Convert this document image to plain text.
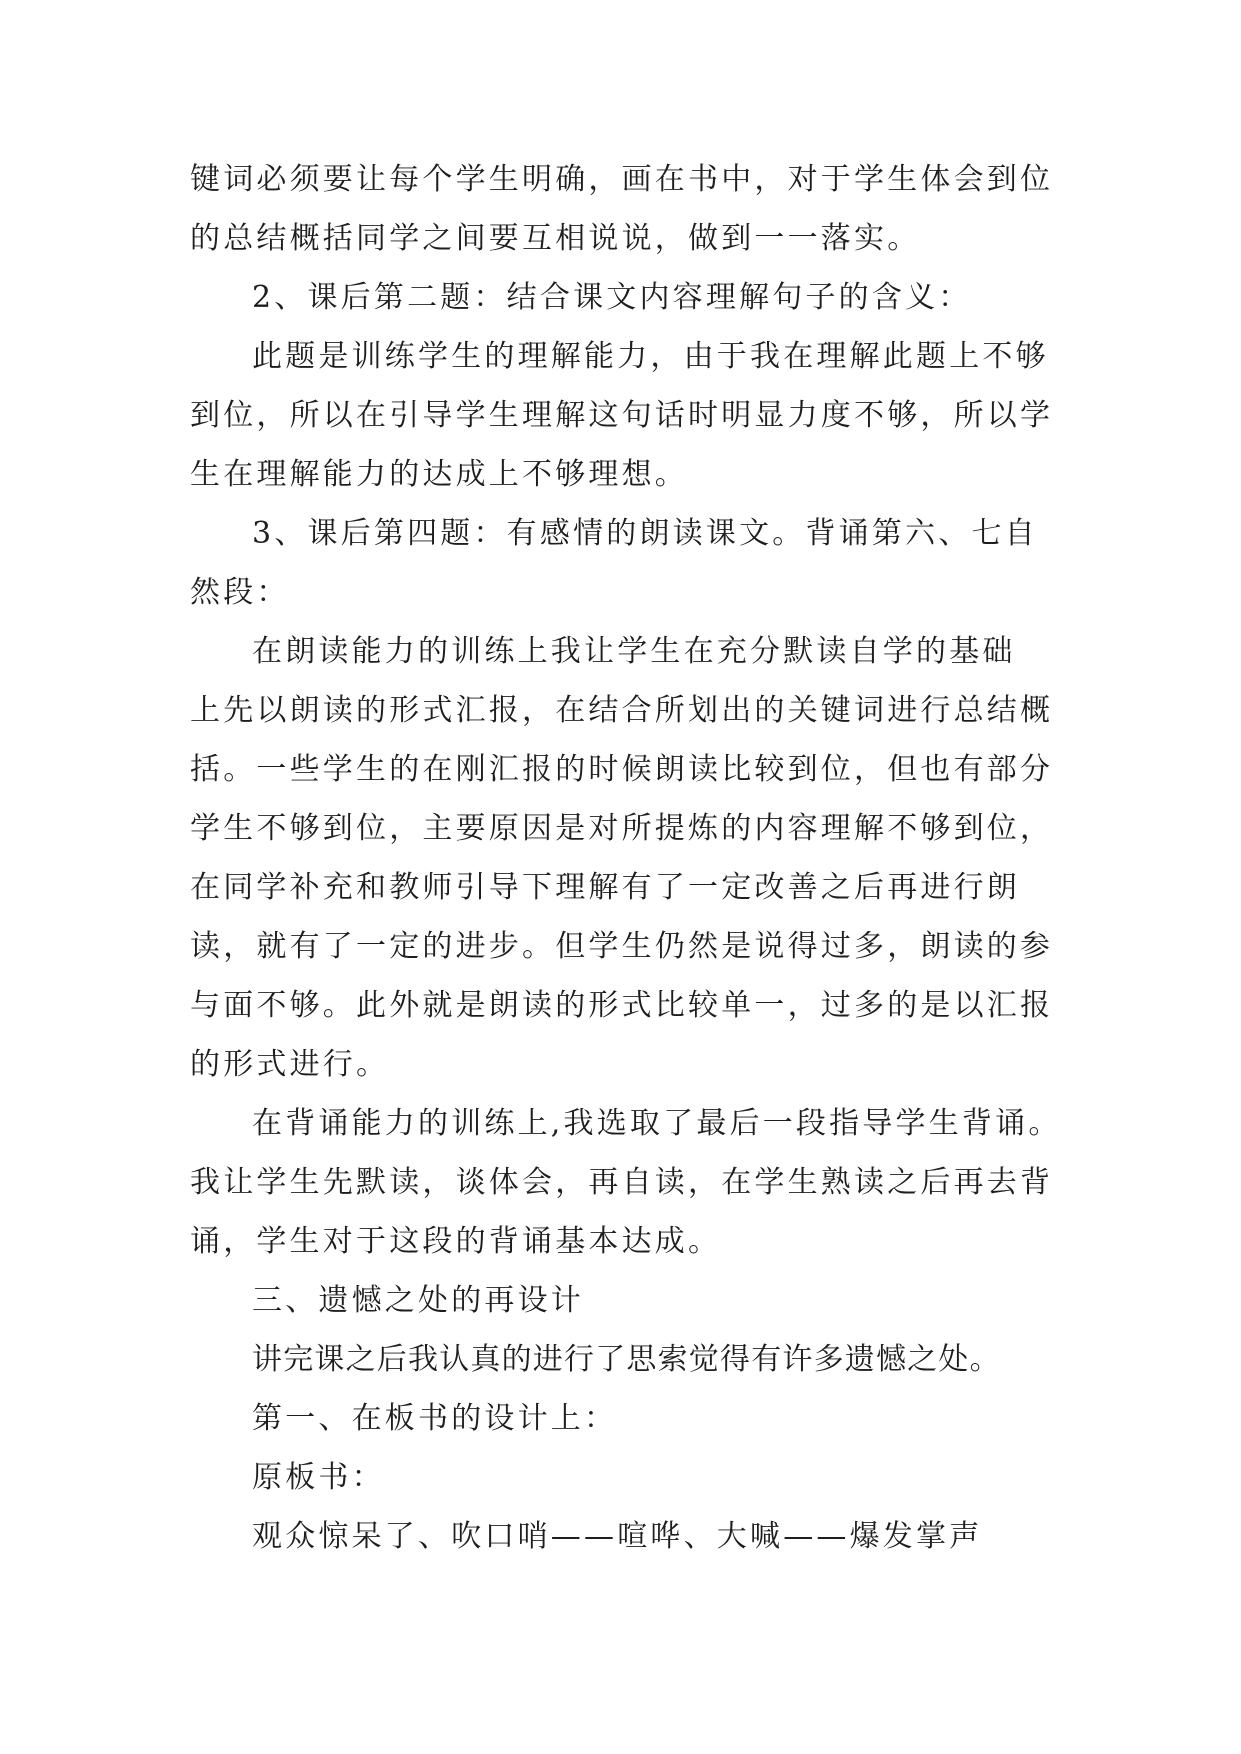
键词必须要让每个学生明确，画在书中，对于学生体会到位
的总结概括同学之间要互相说说，做到一一落实。
2、课后第二题：结合课文内容理解句子的含义：
此题是训练学生的理解能力，由于我在理解此题上不够
到位，所以在引导学生理解这句话时明显力度不够，所以学
生在理解能力的达成上不够理想。
3、课后第四题：有感情的朗读课文。背诵第六、七自
然段：
在朗读能力的训练上我让学生在充分默读自学的基础
上先以朗读的形式汇报，在结合所划出的关键词进行总结概
括。一些学生的在刚汇报的时候朗读比较到位，但也有部分
学生不够到位，主要原因是对所提炼的内容理解不够到位，
在同学补充和教师引导下理解有了一定改善之后再进行朗
读，就有了一定的进步。但学生仍然是说得过多，朗读的参
与面不够。此外就是朗读的形式比较单一，过多的是以汇报
的形式进行。
在背诵能力的训练上,我选取了最后一段指导学生背诵。
我让学生先默读，谈体会，再自读，在学生熟读之后再去背
诵，学生对于这段的背诵基本达成。
三、遗憾之处的再设计
讲完课之后我认真的进行了思索觉得有许多遗憾之处。
第一、在板书的设计上：
原板书：
观众惊呆了、吹口哨——喧哗、大喊——爆发掌声
